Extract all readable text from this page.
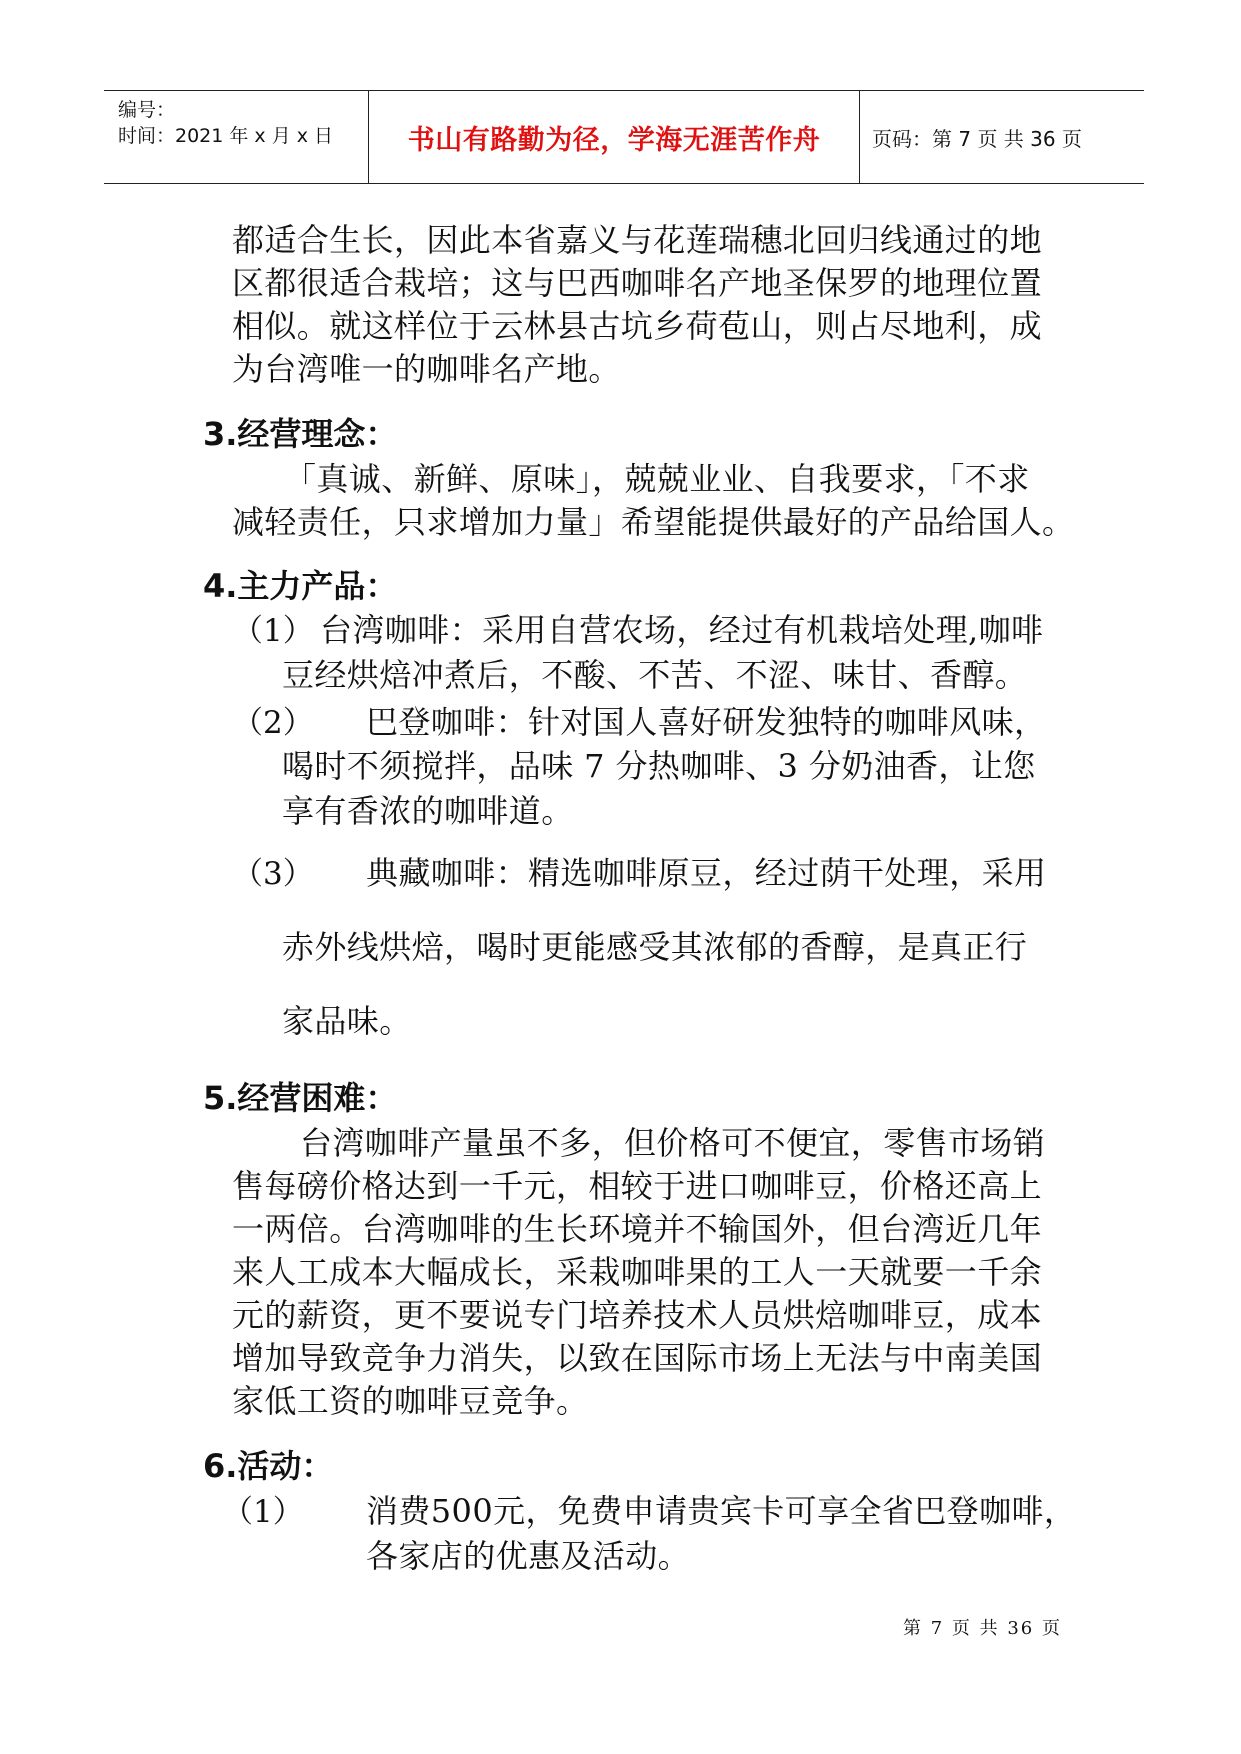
编号：
时间：2021 年 x 月 x 日	书山有路勤为径，学海无涯苦作舟	页码：第 7 页 共 36 页
都适合生长，因此本省嘉义与花莲瑞穗北回归线通过的地
区都很适合栽培；这与巴西咖啡名产地圣保罗的地理位置
相似。就这样位于云林县古坑乡荷苞山，则占尽地利，成
为台湾唯一的咖啡名产地。
3.经营理念：
「真诚、新鲜、原味」，兢兢业业、自我要求，「不求
减轻责任，只求增加力量」希望能提供最好的产品给国人。
4.主力产品：
（1） 台湾咖啡：采用自营农场，经过有机栽培处理,咖啡
豆经烘焙冲煮后，不酸、不苦、不涩、味甘、香醇。
（2） 巴登咖啡：针对国人喜好研发独特的咖啡风味，
喝时不须搅拌，品味 7 分热咖啡、3 分奶油香，让您
享有香浓的咖啡道。
（3） 典藏咖啡：精选咖啡原豆，经过荫干处理，采用
赤外线烘焙，喝时更能感受其浓郁的香醇，是真正行
家品味。
5.经营困难：
台湾咖啡产量虽不多，但价格可不便宜，零售市场销
售每磅价格达到一千元，相较于进口咖啡豆，价格还高上
一两倍。台湾咖啡的生长环境并不输国外，但台湾近几年
来人工成本大幅成长，采栽咖啡果的工人一天就要一千余
元的薪资，更不要说专门培养技术人员烘焙咖啡豆，成本
增加导致竞争力消失，以致在国际市场上无法与中南美国
家低工资的咖啡豆竞争。
6.活动：
（1） 消费500元，免费申请贵宾卡可享全省巴登咖啡，
各家店的优惠及活动。
第 7 页 共 36 页
